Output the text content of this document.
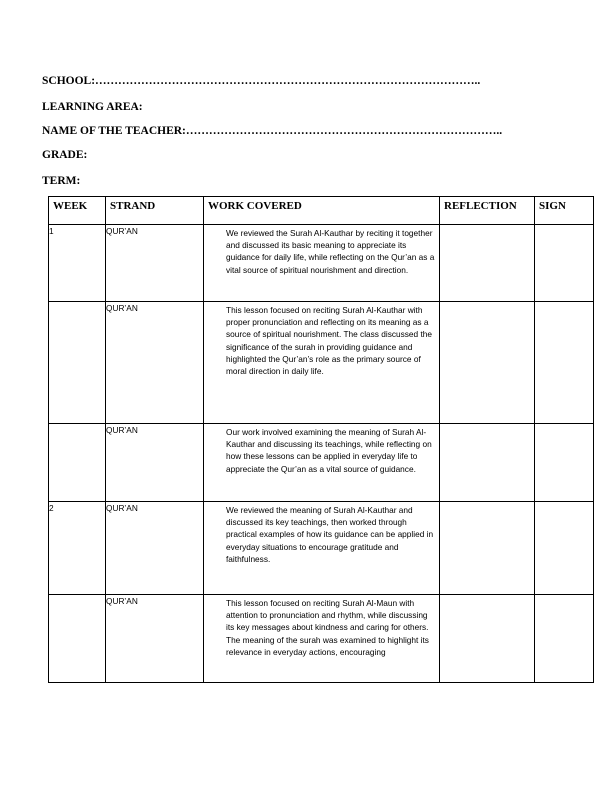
SCHOOL:………………………………………………………………………………………..
LEARNING AREA:
NAME OF THE TEACHER:………………………………………………………………………..
GRADE:
TERM:
WEEK	STRAND	WORK COVERED	REFLECTION	SIGN
1	QUR’AN	We reviewed the Surah Al-Kauthar by reciting it together and discussed its basic meaning to appreciate its guidance for daily life, while reflecting on the Qur’an as a vital source of spiritual nourishment and direction.		

	QUR’AN	This lesson focused on reciting Surah Al-Kauthar with proper pronunciation and reflecting on its meaning as a source of spiritual nourishment. The class discussed the significance of the surah in providing guidance and highlighted the Qur’an’s role as the primary source of moral direction in daily life.		

	QUR’AN	Our work involved examining the meaning of Surah Al-Kauthar and discussing its teachings, while reflecting on how these lessons can be applied in everyday life to appreciate the Qur’an as a vital source of guidance.		

2	QUR’AN	We reviewed the meaning of Surah Al-Kauthar and discussed its key teachings, then worked through practical examples of how its guidance can be applied in everyday situations to encourage gratitude and faithfulness.		

	QUR’AN	This lesson focused on reciting Surah Al-Maun with attention to pronunciation and rhythm, while discussing its key messages about kindness and caring for others. The meaning of the surah was examined to highlight its relevance in everyday actions, encouraging		
